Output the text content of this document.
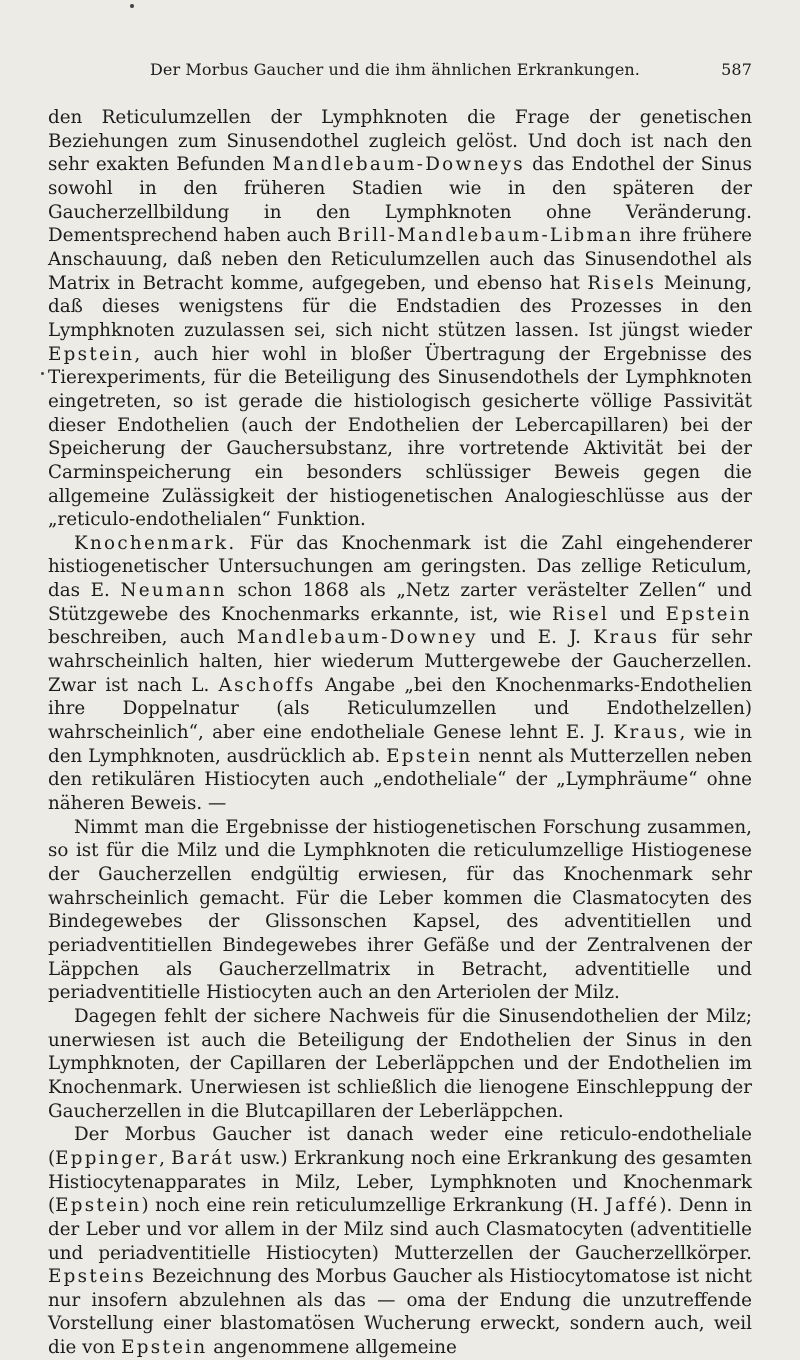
Der Morbus Gaucher und die ihm ähnlichen Erkrankungen.	587

den Reticulumzellen der Lymphknoten die Frage der genetischen Beziehungen zum Sinusendothel zugleich gelöst. Und doch ist nach den sehr exakten Befunden Mandlebaum-Downeys das Endothel der Sinus sowohl in den früheren Stadien wie in den späteren der Gaucherzellbildung in den Lymphknoten ohne Veränderung. Dementsprechend haben auch Brill-Mandlebaum-Libman ihre frühere Anschauung, daß neben den Reticulumzellen auch das Sinusendothel als Matrix in Betracht komme, aufgegeben, und ebenso hat Risels Meinung, daß dieses wenigstens für die Endstadien des Prozesses in den Lymphknoten zuzulassen sei, sich nicht stützen lassen. Ist jüngst wieder Epstein, auch hier wohl in bloßer Übertragung der Ergebnisse des Tierexperiments, für die Beteiligung des Sinusendothels der Lymphknoten eingetreten, so ist gerade die histiologisch gesicherte völlige Passivität dieser Endothelien (auch der Endothelien der Lebercapillaren) bei der Speicherung der Gauchersubstanz, ihre vortretende Aktivität bei der Carminspeicherung ein besonders schlüssiger Beweis gegen die allgemeine Zulässigkeit der histiogenetischen Analogieschlüsse aus der „reticulo-endothelialen“ Funktion.

Knochenmark. Für das Knochenmark ist die Zahl eingehenderer histiogenetischer Untersuchungen am geringsten. Das zellige Reticulum, das E. Neumann schon 1868 als „Netz zarter verästelter Zellen“ und Stützgewebe des Knochenmarks erkannte, ist, wie Risel und Epstein beschreiben, auch Mandlebaum-Downey und E. J. Kraus für sehr wahrscheinlich halten, hier wiederum Muttergewebe der Gaucherzellen. Zwar ist nach L. Aschoffs Angabe „bei den Knochenmarks-Endothelien ihre Doppelnatur (als Reticulumzellen und Endothelzellen) wahrscheinlich“, aber eine endotheliale Genese lehnt E. J. Kraus, wie in den Lymphknoten, ausdrücklich ab. Epstein nennt als Mutterzellen neben den retikulären Histiocyten auch „endotheliale“ der „Lymphräume“ ohne näheren Beweis. —

Nimmt man die Ergebnisse der histiogenetischen Forschung zusammen, so ist für die Milz und die Lymphknoten die reticulumzellige Histiogenese der Gaucherzellen endgültig erwiesen, für das Knochenmark sehr wahrscheinlich gemacht. Für die Leber kommen die Clasmatocyten des Bindegewebes der Glissonschen Kapsel, des adventitiellen und periadventitiellen Bindegewebes ihrer Gefäße und der Zentralvenen der Läppchen als Gaucherzellmatrix in Betracht, adventitielle und periadventitielle Histiocyten auch an den Arteriolen der Milz.

Dagegen fehlt der sichere Nachweis für die Sinusendothelien der Milz; unerwiesen ist auch die Beteiligung der Endothelien der Sinus in den Lymphknoten, der Capillaren der Leberläppchen und der Endothelien im Knochenmark. Unerwiesen ist schließlich die lienogene Einschleppung der Gaucherzellen in die Blutcapillaren der Leberläppchen.

Der Morbus Gaucher ist danach weder eine reticulo-endotheliale (Eppinger, Barát usw.) Erkrankung noch eine Erkrankung des gesamten Histiocytenapparates in Milz, Leber, Lymphknoten und Knochenmark (Epstein) noch eine rein reticulumzellige Erkrankung (H. Jaffé). Denn in der Leber und vor allem in der Milz sind auch Clasmatocyten (adventitielle und periadventitielle Histiocyten) Mutterzellen der Gaucherzellkörper. Epsteins Bezeichnung des Morbus Gaucher als Histiocytomatose ist nicht nur insofern abzulehnen als das — oma der Endung die unzutreffende Vorstellung einer blastomatösen Wucherung erweckt, sondern auch, weil die von Epstein angenommene allgemeine
